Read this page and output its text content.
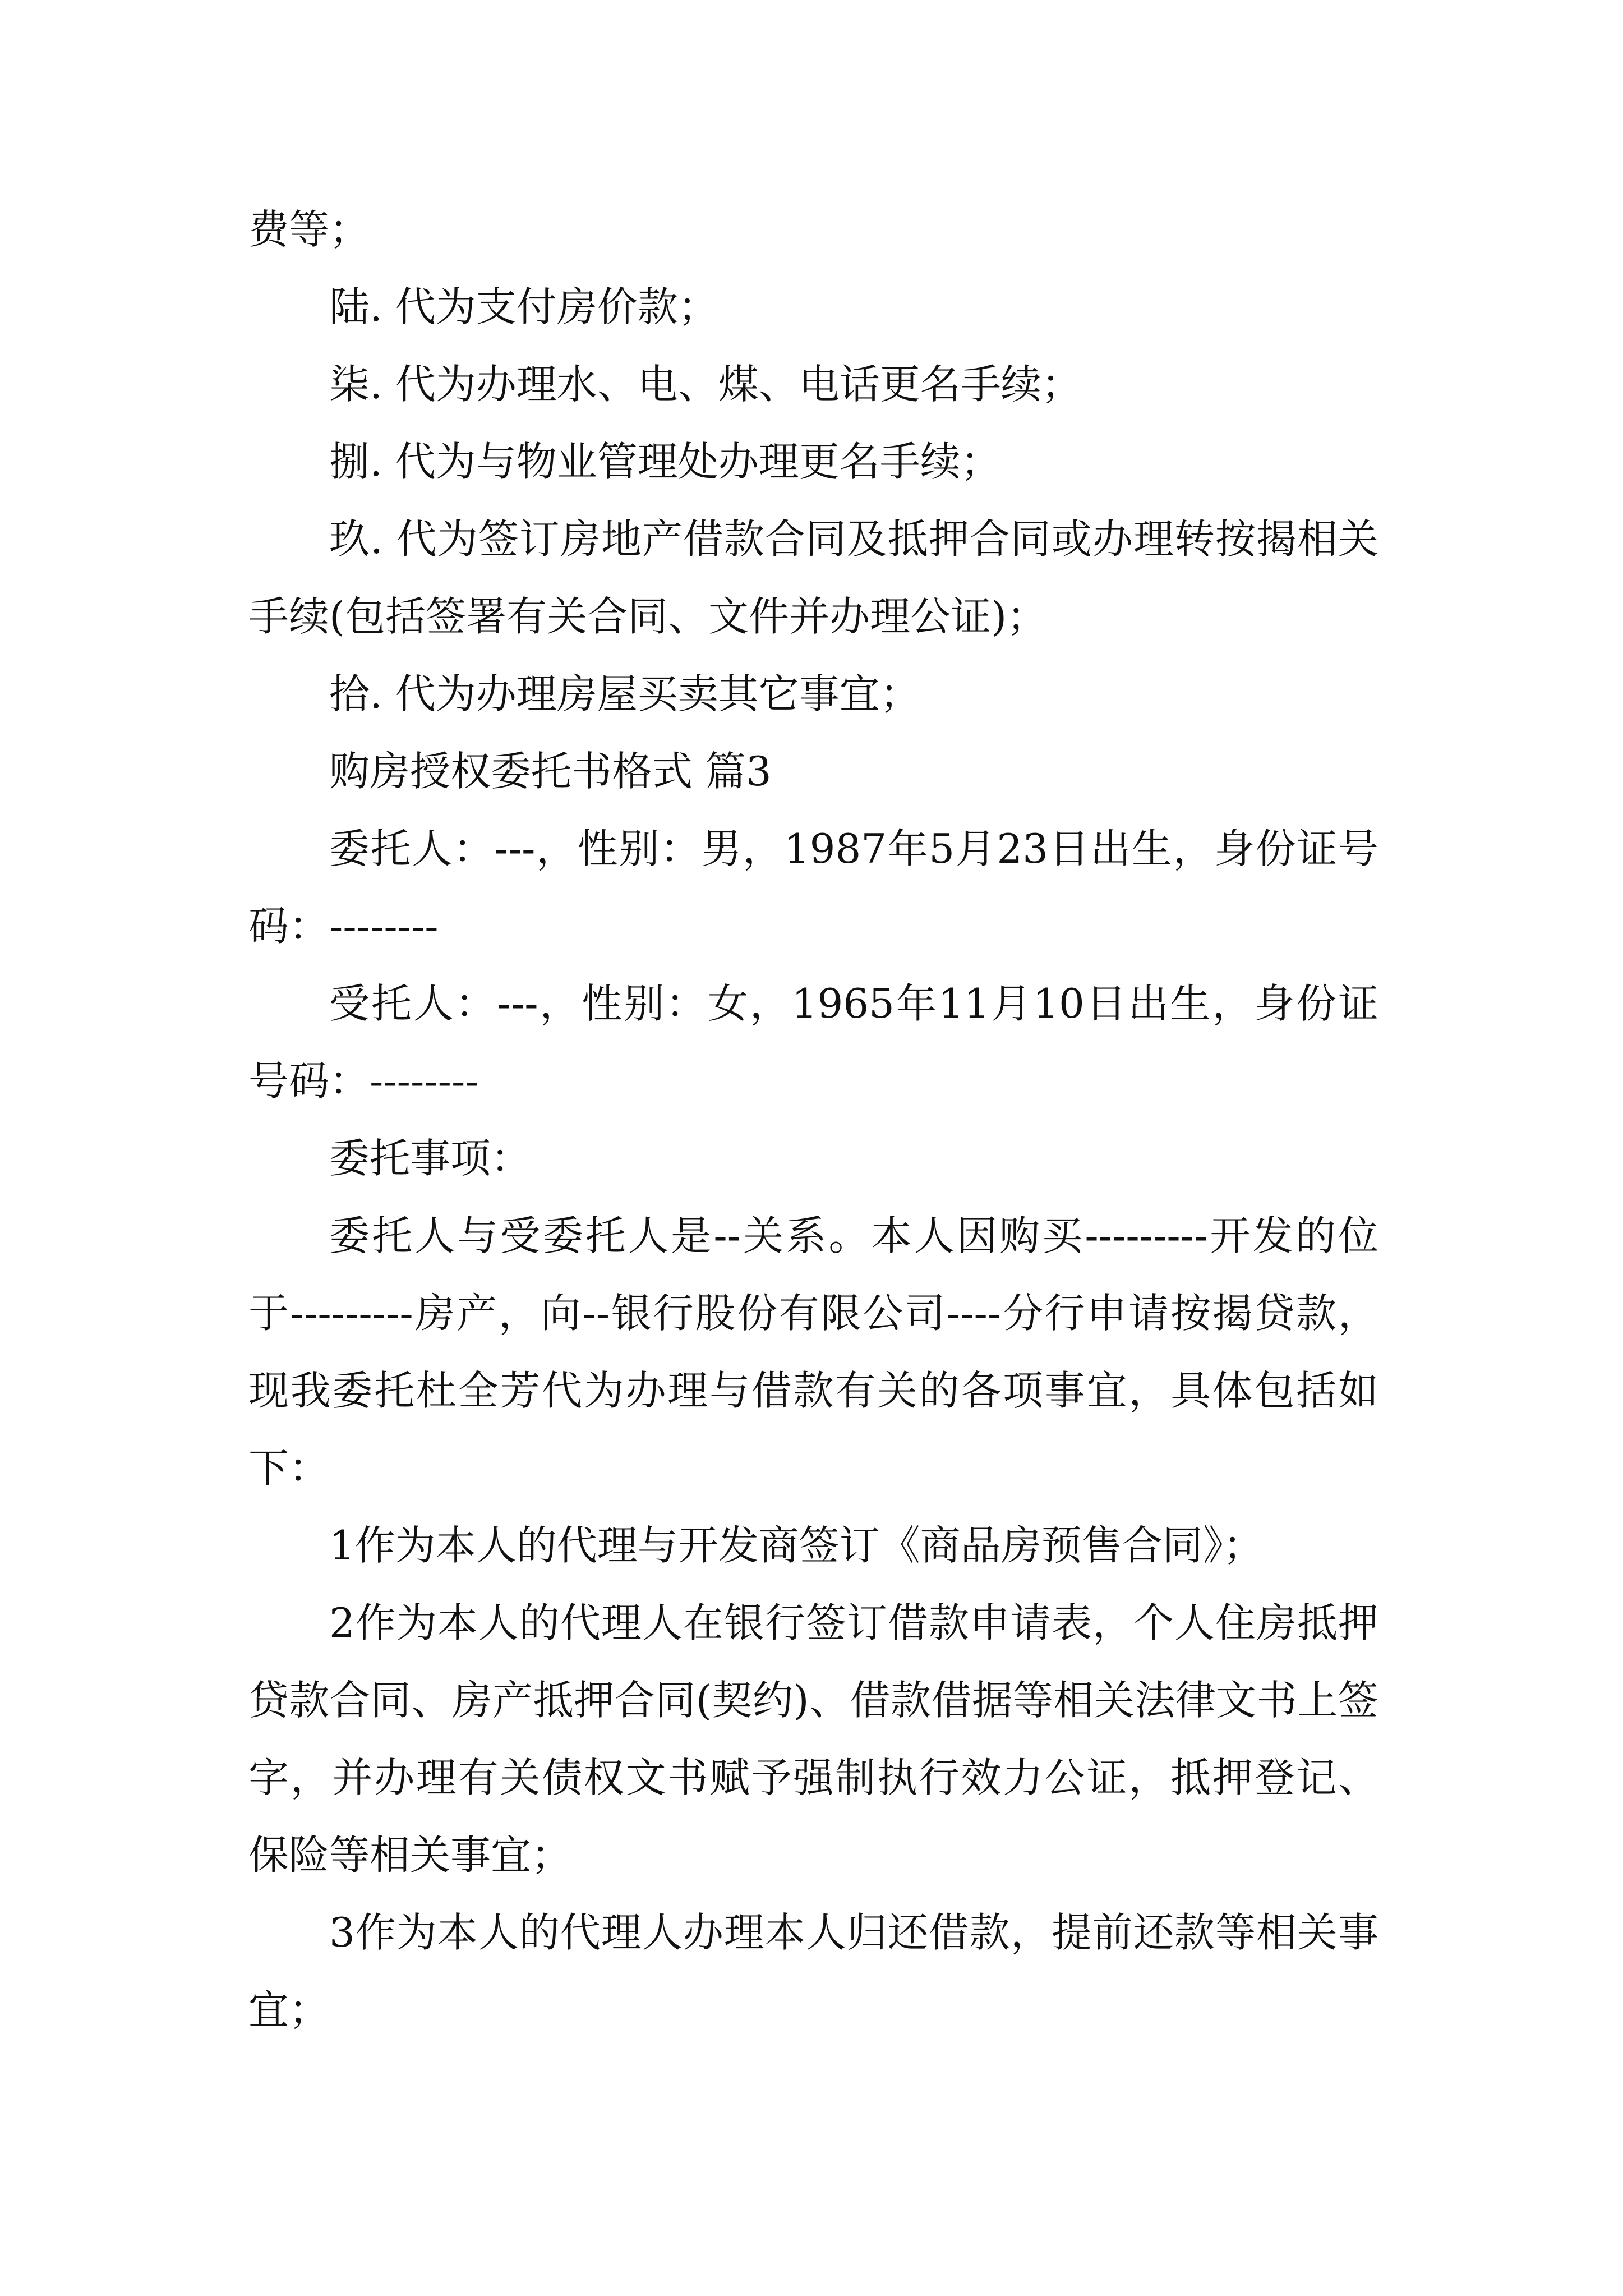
费等；

陆. 代为支付房价款；

柒. 代为办理水、电、煤、电话更名手续；

捌. 代为与物业管理处办理更名手续；

玖. 代为签订房地产借款合同及抵押合同或办理转按揭相关手续(包括签署有关合同、文件并办理公证)；

拾. 代为办理房屋买卖其它事宜；

购房授权委托书格式 篇3

委托人：---，性别：男，1987年5月23日出生，身份证号码：--------

受托人：---，性别：女，1965年11月10日出生，身份证号码：--------

委托事项：

委托人与受委托人是--关系。本人因购买---------开发的位于---------房产，向--银行股份有限公司----分行申请按揭贷款，现我委托杜全芳代为办理与借款有关的各项事宜，具体包括如下：

1作为本人的代理与开发商签订《商品房预售合同》；

2作为本人的代理人在银行签订借款申请表，个人住房抵押贷款合同、房产抵押合同(契约)、借款借据等相关法律文书上签字，并办理有关债权文书赋予强制执行效力公证，抵押登记、保险等相关事宜；

3作为本人的代理人办理本人归还借款，提前还款等相关事宜；
